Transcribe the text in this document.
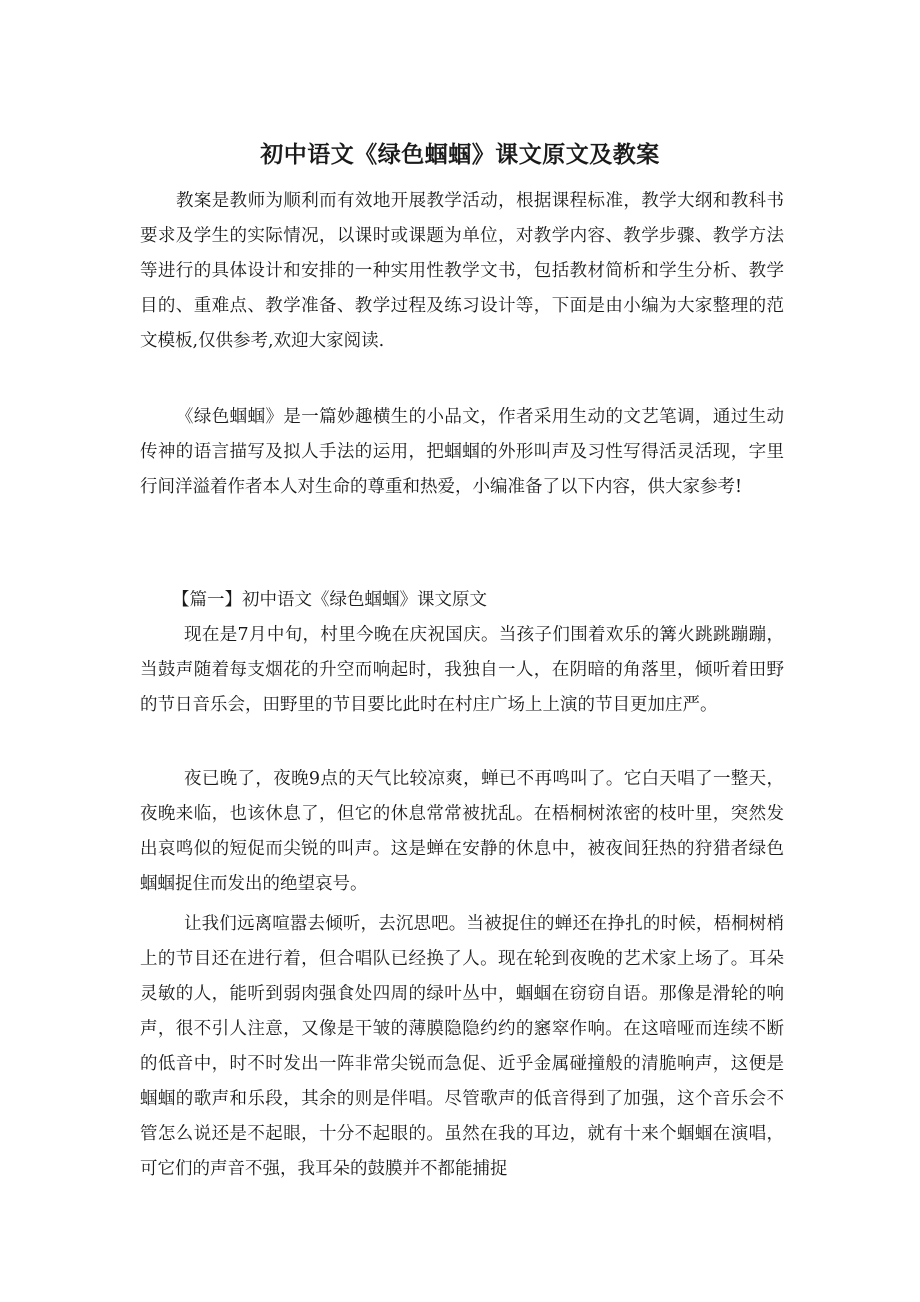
初中语文《绿色蝈蝈》课文原文及教案

教案是教师为顺利而有效地开展教学活动，根据课程标准，教学大纲和教科书要求及学生的实际情况，以课时或课题为单位，对教学内容、教学步骤、教学方法等进行的具体设计和安排的一种实用性教学文书，包括教材简析和学生分析、教学目的、重难点、教学准备、教学过程及练习设计等，下面是由小编为大家整理的范文模板,仅供参考,欢迎大家阅读.

《绿色蝈蝈》是一篇妙趣横生的小品文，作者采用生动的文艺笔调，通过生动传神的语言描写及拟人手法的运用，把蝈蝈的外形叫声及习性写得活灵活现，字里行间洋溢着作者本人对生命的尊重和热爱，小编准备了以下内容，供大家参考!

【篇一】初中语文《绿色蝈蝈》课文原文

现在是7月中旬，村里今晚在庆祝国庆。当孩子们围着欢乐的篝火跳跳蹦蹦，当鼓声随着每支烟花的升空而响起时，我独自一人，在阴暗的角落里，倾听着田野的节日音乐会，田野里的节目要比此时在村庄广场上上演的节目更加庄严。

夜已晚了，夜晚9点的天气比较凉爽，蝉已不再鸣叫了。它白天唱了一整天，夜晚来临，也该休息了，但它的休息常常被扰乱。在梧桐树浓密的枝叶里，突然发出哀鸣似的短促而尖锐的叫声。这是蝉在安静的休息中，被夜间狂热的狩猎者绿色蝈蝈捉住而发出的绝望哀号。

让我们远离喧嚣去倾听，去沉思吧。当被捉住的蝉还在挣扎的时候，梧桐树梢上的节目还在进行着，但合唱队已经换了人。现在轮到夜晚的艺术家上场了。耳朵灵敏的人，能听到弱肉强食处四周的绿叶丛中，蝈蝈在窃窃自语。那像是滑轮的响声，很不引人注意，又像是干皱的薄膜隐隐约约的窸窣作响。在这喑哑而连续不断的低音中，时不时发出一阵非常尖锐而急促、近乎金属碰撞般的清脆响声，这便是蝈蝈的歌声和乐段，其余的则是伴唱。尽管歌声的低音得到了加强，这个音乐会不管怎么说还是不起眼，十分不起眼的。虽然在我的耳边，就有十来个蝈蝈在演唱，可它们的声音不强，我耳朵的鼓膜并不都能捕捉
